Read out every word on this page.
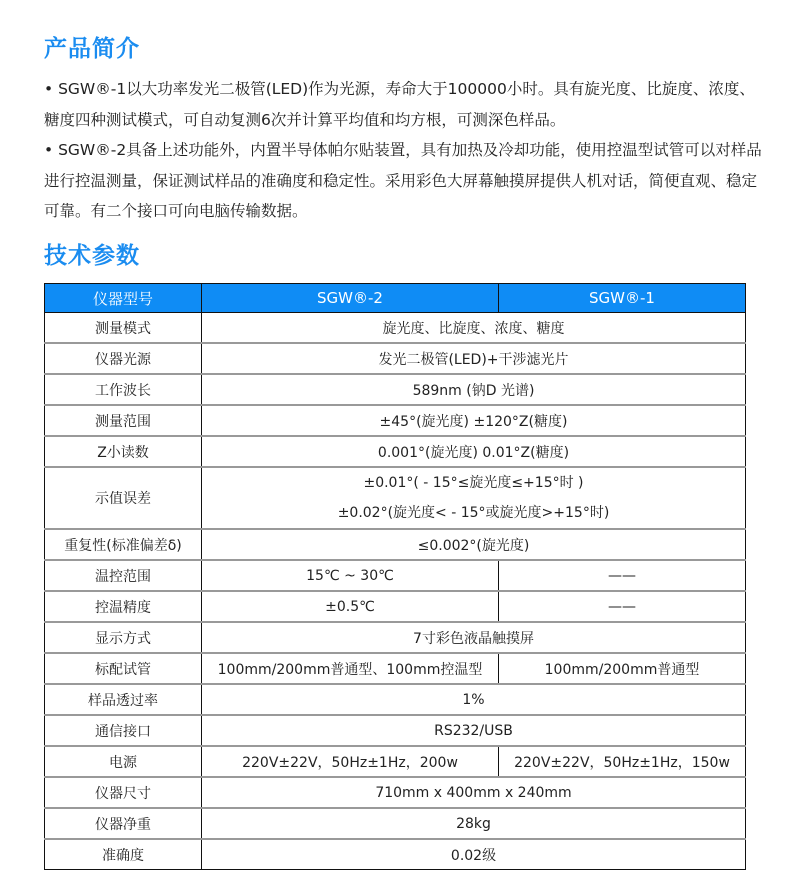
产品简介

• SGW®-1以大功率发光二极管(LED)作为光源，寿命大于100000小时。具有旋光度、比旋度、浓度、糖度四种测试模式，可自动复测6次并计算平均值和均方根，可测深色样品。

• SGW®-2具备上述功能外，内置半导体帕尔贴装置，具有加热及冷却功能，使用控温型试管可以对样品进行控温测量，保证测试样品的准确度和稳定性。采用彩色大屏幕触摸屏提供人机对话，简便直观、稳定可靠。有二个接口可向电脑传输数据。

技术参数
仪器型号	SGW®-2	SGW®-1
测量模式	旋光度、比旋度、浓度、糖度	
仪器光源	发光二极管(LED)+干涉滤光片	
工作波长	589nm (钠D 光谱)	
测量范围	±45°(旋光度) ±120°Z(糖度)	
Z小读数	0.001°(旋光度) 0.01°Z(糖度)	
示值误差	±0.01°( - 15°≤旋光度≤+15°时 )
±0.02°(旋光度< - 15°或旋光度>+15°时)	

重复性(标准偏差δ)	≤0.002°(旋光度)	
温控范围	15℃ ~ 30℃	——
控温精度	±0.5℃	——
显示方式	7寸彩色液晶触摸屏	
标配试管	100mm/200mm普通型、100mm控温型	100mm/200mm普通型
样品透过率	1%	
通信接口	RS232/USB	
电源	220V±22V，50Hz±1Hz，200w	220V±22V，50Hz±1Hz，150w
仪器尺寸	710mm x 400mm x 240mm	
仪器净重	28kg	
准确度	0.02级	
